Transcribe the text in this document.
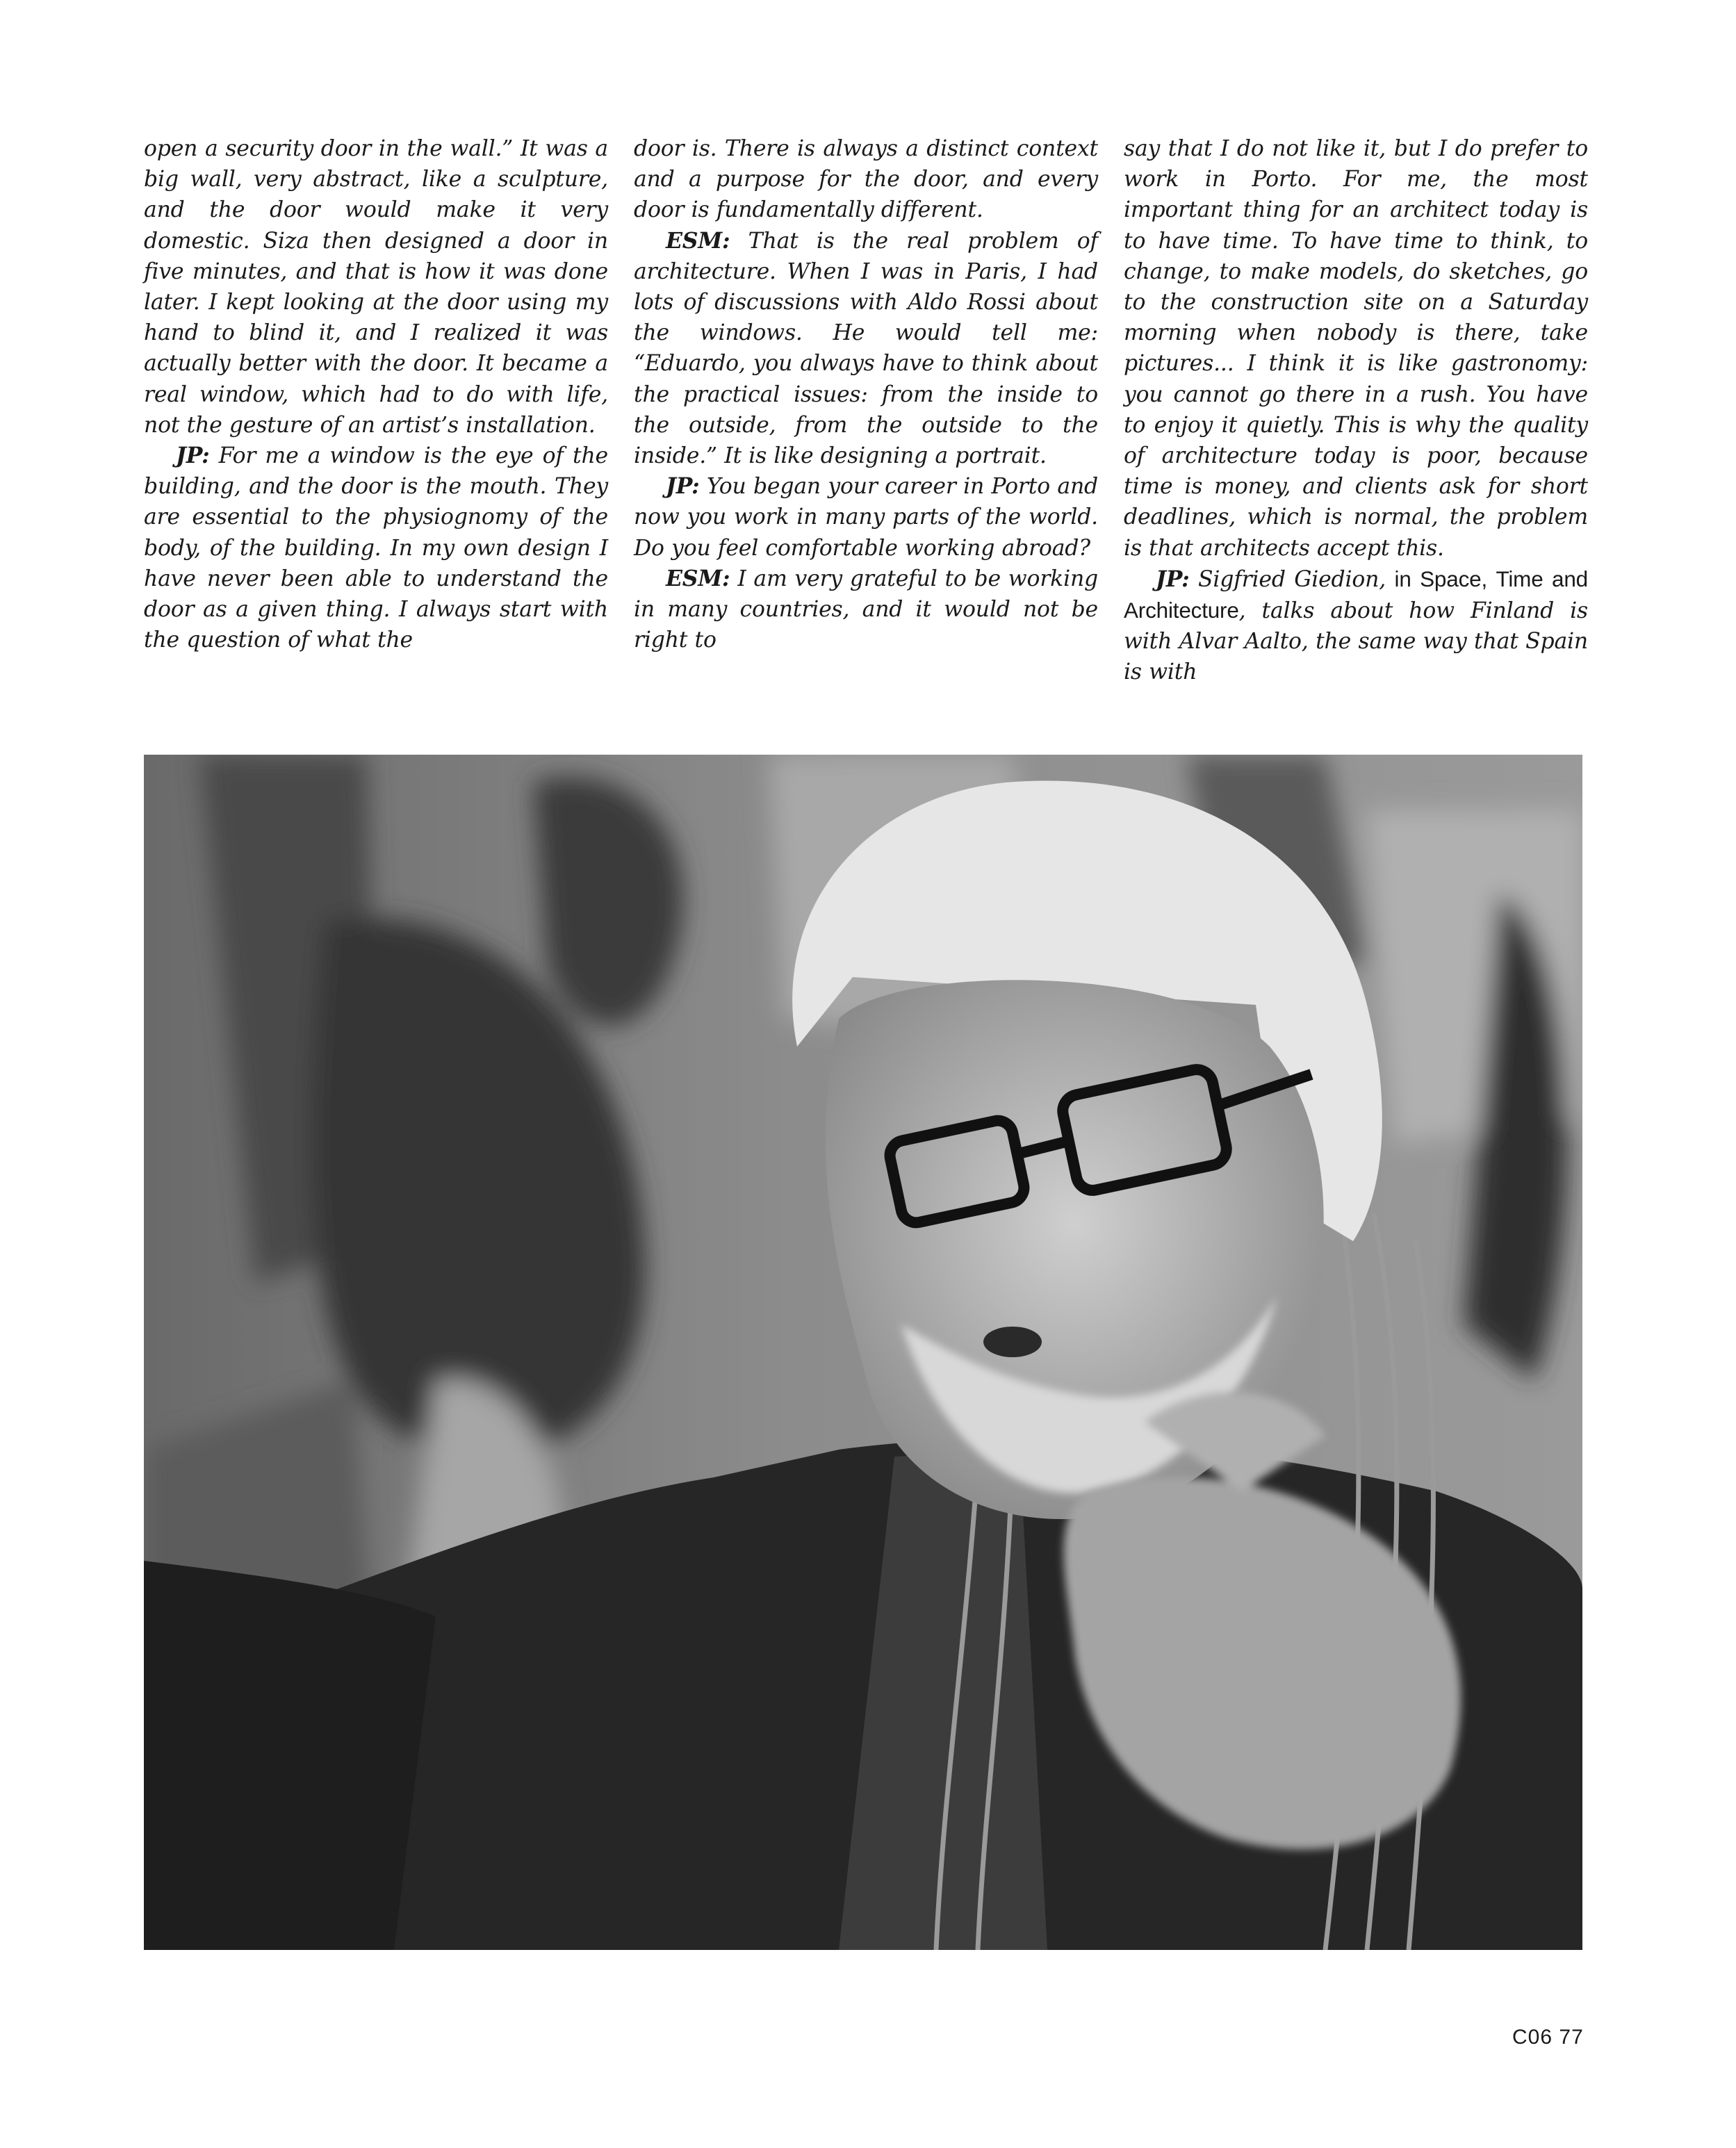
open a security door in the wall.” It was a big wall, very abstract, like a sculpture, and the door would make it very domestic. Siza then designed a door in five minutes, and that is how it was done later. I kept looking at the door using my hand to blind it, and I realized it was actually better with the door. It became a real window, which had to do with life, not the gesture of an artist’s installation.

JP: For me a window is the eye of the building, and the door is the mouth. They are essential to the physiognomy of the body, of the building. In my own design I have never been able to understand the door as a given thing. I always start with the question of what the

door is. There is always a distinct context and a purpose for the door, and every door is fundamentally different.

ESM: That is the real problem of architecture. When I was in Paris, I had lots of discussions with Aldo Rossi about the windows. He would tell me: “Eduardo, you always have to think about the practical issues: from the inside to the outside, from the outside to the inside.” It is like designing a portrait.

JP: You began your career in Porto and now you work in many parts of the world. Do you feel comfortable working abroad?

ESM: I am very grateful to be working in many countries, and it would not be right to

say that I do not like it, but I do prefer to work in Porto. For me, the most important thing for an architect today is to have time. To have time to think, to change, to make models, do sketches, go to the construction site on a Saturday morning when nobody is there, take pictures... I think it is like gastronomy: you cannot go there in a rush. You have to enjoy it quietly. This is why the quality of architecture today is poor, because time is money, and clients ask for short deadlines, which is normal, the problem is that architects accept this.

JP: Sigfried Giedion, in Space, Time and Architecture, talks about how Finland is with Alvar Aalto, the same way that Spain is with

C06 77
